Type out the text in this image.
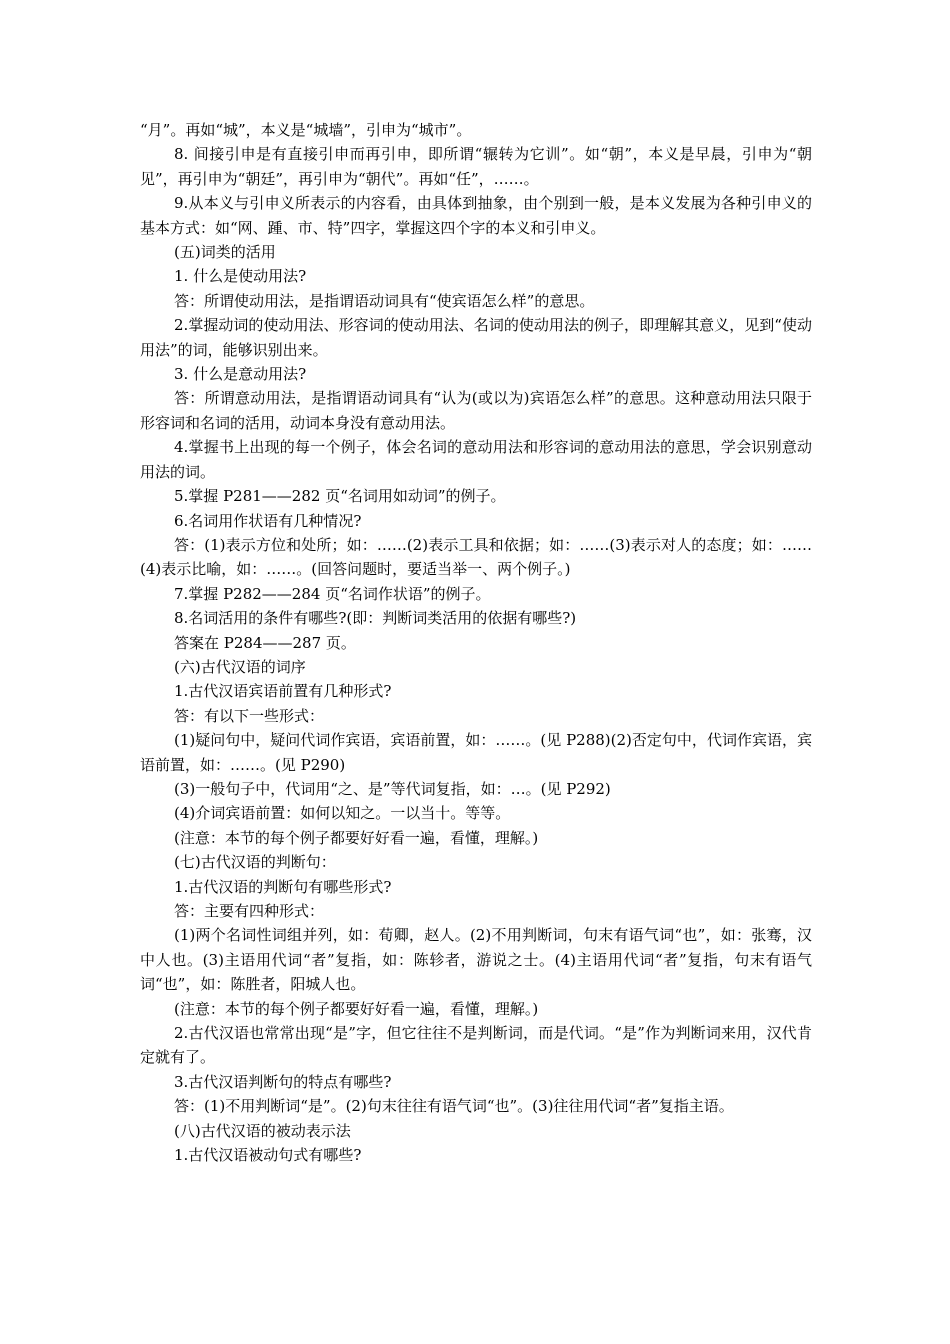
“月”。再如“城”，本义是“城墙”，引申为“城市”。

8. 间接引申是有直接引申而再引申，即所谓“辗转为它训”。如“朝”，本义是早晨，引申为“朝见”，再引申为“朝廷”，再引申为“朝代”。再如“任”，……。

9.从本义与引申义所表示的内容看，由具体到抽象，由个别到一般，是本义发展为各种引申义的基本方式：如“网、踵、市、特”四字，掌握这四个字的本义和引申义。

(五)词类的活用

1. 什么是使动用法?

答：所谓使动用法，是指谓语动词具有“使宾语怎么样”的意思。

2.掌握动词的使动用法、形容词的使动用法、名词的使动用法的例子，即理解其意义，见到“使动用法”的词，能够识别出来。

3. 什么是意动用法?

答：所谓意动用法，是指谓语动词具有“认为(或以为)宾语怎么样”的意思。这种意动用法只限于形容词和名词的活用，动词本身没有意动用法。

4.掌握书上出现的每一个例子，体会名词的意动用法和形容词的意动用法的意思，学会识别意动用法的词。

5.掌握 P281——282 页“名词用如动词”的例子。

6.名词用作状语有几种情况?

答：(1)表示方位和处所；如：……(2)表示工具和依据；如：……(3)表示对人的态度；如：……(4)表示比喻，如：……。(回答问题时，要适当举一、两个例子。)

7.掌握 P282——284 页“名词作状语”的例子。

8.名词活用的条件有哪些?(即：判断词类活用的依据有哪些?)

答案在 P284——287 页。

(六)古代汉语的词序

1.古代汉语宾语前置有几种形式?

答：有以下一些形式：

(1)疑问句中，疑问代词作宾语，宾语前置，如：……。(见 P288)(2)否定句中，代词作宾语，宾语前置，如：……。(见 P290)

(3)一般句子中，代词用“之、是”等代词复指，如：…。(见 P292)

(4)介词宾语前置：如何以知之。一以当十。等等。

(注意：本节的每个例子都要好好看一遍，看懂，理解。)

(七)古代汉语的判断句：

1.古代汉语的判断句有哪些形式?

答：主要有四种形式：

(1)两个名词性词组并列，如：荀卿，赵人。(2)不用判断词，句末有语气词“也”，如：张骞，汉中人也。(3)主语用代词“者”复指，如：陈轸者，游说之士。(4)主语用代词“者”复指，句末有语气词“也”，如：陈胜者，阳城人也。

(注意：本节的每个例子都要好好看一遍，看懂，理解。)

2.古代汉语也常常出现“是”字，但它往往不是判断词，而是代词。“是”作为判断词来用，汉代肯定就有了。

3.古代汉语判断句的特点有哪些?

答：(1)不用判断词“是”。(2)句末往往有语气词“也”。(3)往往用代词“者”复指主语。

(八)古代汉语的被动表示法

1.古代汉语被动句式有哪些?
